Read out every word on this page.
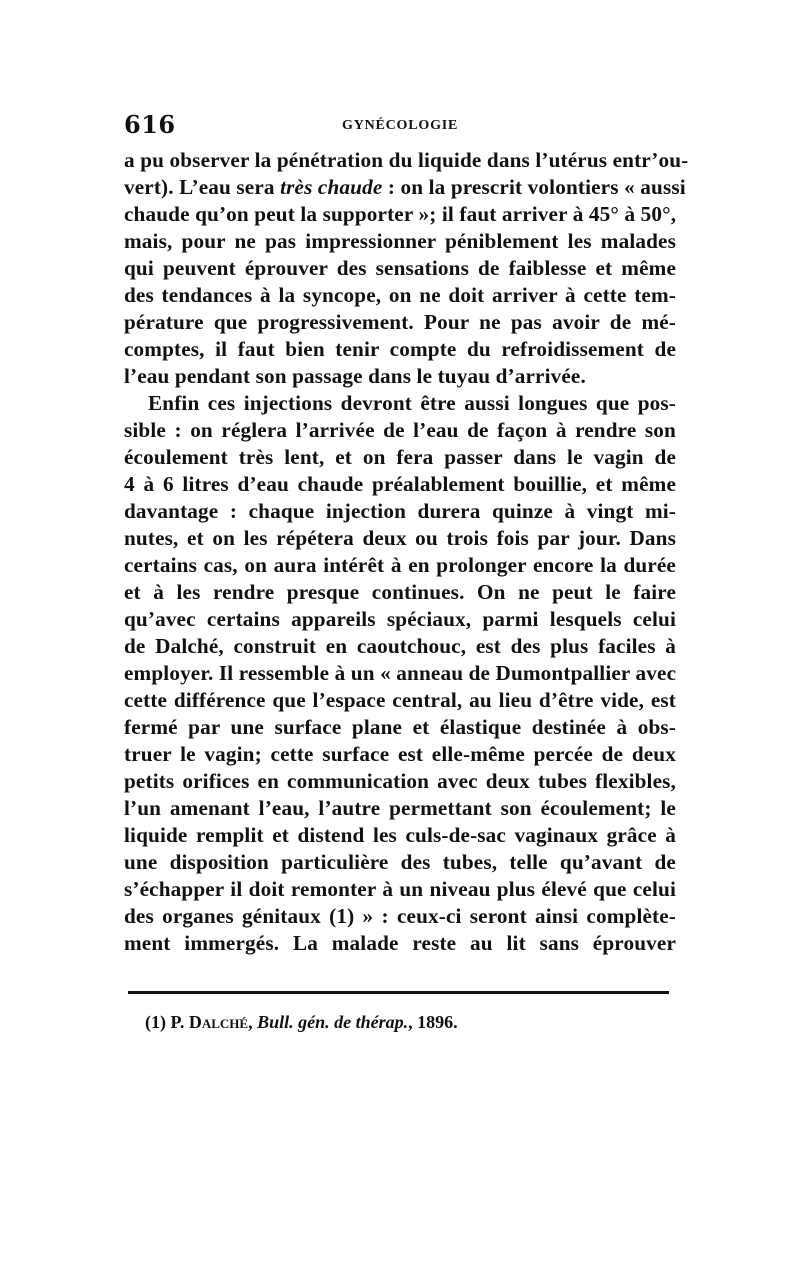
616	GYNÉCOLOGIE
a pu observer la pénétration du liquide dans l’utérus entr’ou-
vert). L’eau sera très chaude : on la prescrit volontiers « aussi
chaude qu’on peut la supporter »; il faut arriver à 45° à 50°,
mais, pour ne pas impressionner péniblement les malades
qui peuvent éprouver des sensations de faiblesse et même
des tendances à la syncope, on ne doit arriver à cette tem-
pérature que progressivement. Pour ne pas avoir de mé-
comptes, il faut bien tenir compte du refroidissement de
l’eau pendant son passage dans le tuyau d’arrivée.
Enfin ces injections devront être aussi longues que pos-
sible : on réglera l’arrivée de l’eau de façon à rendre son
écoulement très lent, et on fera passer dans le vagin de
4 à 6 litres d’eau chaude préalablement bouillie, et même
davantage : chaque injection durera quinze à vingt mi-
nutes, et on les répétera deux ou trois fois par jour. Dans
certains cas, on aura intérêt à en prolonger encore la durée
et à les rendre presque continues. On ne peut le faire
qu’avec certains appareils spéciaux, parmi lesquels celui
de Dalché, construit en caoutchouc, est des plus faciles à
employer. Il ressemble à un « anneau de Dumontpallier avec
cette différence que l’espace central, au lieu d’être vide, est
fermé par une surface plane et élastique destinée à obs-
truer le vagin; cette surface est elle-même percée de deux
petits orifices en communication avec deux tubes flexibles,
l’un amenant l’eau, l’autre permettant son écoulement; le
liquide remplit et distend les culs-de-sac vaginaux grâce à
une disposition particulière des tubes, telle qu’avant de
s’échapper il doit remonter à un niveau plus élevé que celui
des organes génitaux (1) » : ceux-ci seront ainsi complète-
ment immergés. La malade reste au lit sans éprouver
(1) P. Dalché, Bull. gén. de thérap., 1896.
